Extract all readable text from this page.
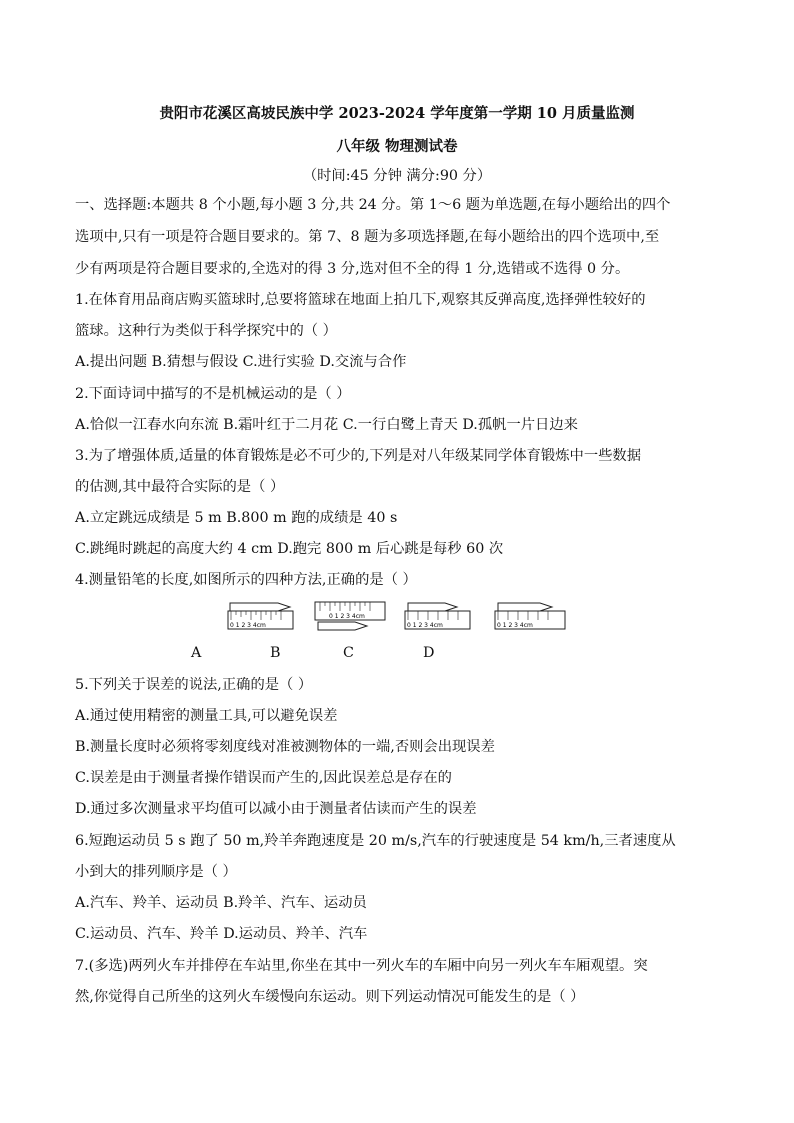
贵阳市花溪区高坡民族中学 2023-2024 学年度第一学期 10 月质量监测
八年级 物理测试卷
（时间:45 分钟 满分:90 分）
一、选择题:本题共 8 个小题,每小题 3 分,共 24 分。第 1～6 题为单选题,在每小题给出的四个
选项中,只有一项是符合题目要求的。第 7、8 题为多项选择题,在每小题给出的四个选项中,至
少有两项是符合题目要求的,全选对的得 3 分,选对但不全的得 1 分,选错或不选得 0 分。
1.在体育用品商店购买篮球时,总要将篮球在地面上拍几下,观察其反弹高度,选择弹性较好的
篮球。这种行为类似于科学探究中的（ ）
A.提出问题 B.猜想与假设 C.进行实验 D.交流与合作
2.下面诗词中描写的不是机械运动的是（ ）
A.恰似一江春水向东流 B.霜叶红于二月花 C.一行白鹭上青天 D.孤帆一片日边来
3.为了增强体质,适量的体育锻炼是必不可少的,下列是对八年级某同学体育锻炼中一些数据
的估测,其中最符合实际的是（ ）
A.立定跳远成绩是 5 m B.800 m 跑的成绩是 40 s
C.跳绳时跳起的高度大约 4 cm D.跑完 800 m 后心跳是每秒 60 次
4.测量铅笔的长度,如图所示的四种方法,正确的是（ ）
0 1 2 3 4cm
0 1 2 3 4cm
0 1 2 3 4cm	0 1 2 3 4cm
A	B	C	D
5.下列关于误差的说法,正确的是（ ）
A.通过使用精密的测量工具,可以避免误差
B.测量长度时必须将零刻度线对准被测物体的一端,否则会出现误差
C.误差是由于测量者操作错误而产生的,因此误差总是存在的
D.通过多次测量求平均值可以减小由于测量者估读而产生的误差
6.短跑运动员 5 s 跑了 50 m,羚羊奔跑速度是 20 m/s,汽车的行驶速度是 54 km/h,三者速度从
小到大的排列顺序是（ ）
A.汽车、羚羊、运动员 B.羚羊、汽车、运动员
C.运动员、汽车、羚羊 D.运动员、羚羊、汽车
7.(多选)两列火车并排停在车站里,你坐在其中一列火车的车厢中向另一列火车车厢观望。突
然,你觉得自己所坐的这列火车缓慢向东运动。则下列运动情况可能发生的是（ ）
